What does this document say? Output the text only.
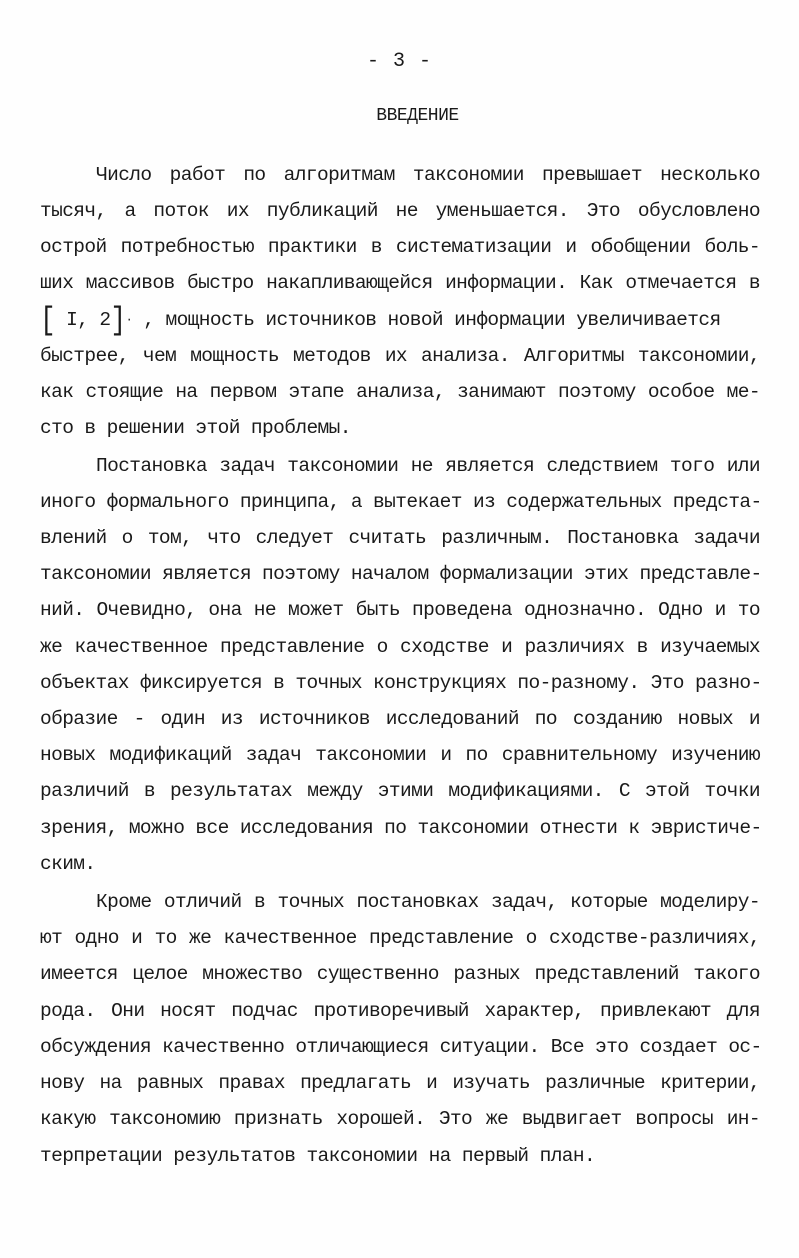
- 3 -
ВВЕДЕНИЕ
Число работ по алгоритмам таксономии превышает несколько
тысяч, а поток их публикаций не уменьшается. Это обусловлено
острой потребностью практики в систематизации и обобщении боль-
ших массивов быстро накапливающейся информации. Как отмечается в
[ I, 2]· , мощность источников новой информации увеличивается
быстрее, чем мощность методов их анализа. Алгоритмы таксономии,
как стоящие на первом этапе анализа, занимают поэтому особое ме-
сто в решении этой проблемы.
Постановка задач таксономии не является следствием того или
иного формального принципа, а вытекает из содержательных предста-
влений о том, что следует считать различным. Постановка задачи
таксономии является поэтому началом формализации этих представле-
ний. Очевидно, она не может быть проведена однозначно. Одно и то
же качественное представление о сходстве и различиях в изучаемых
объектах фиксируется в точных конструкциях по-разному. Это разно-
образие - один из источников исследований по созданию новых и
новых модификаций задач таксономии и по сравнительному изучению
различий в результатах между этими модификациями. С этой точки
зрения, можно все исследования по таксономии отнести к эвристиче-
ским.
Кроме отличий в точных постановках задач, которые моделиру-
ют одно и то же качественное представление о сходстве-различиях,
имеется целое множество существенно разных представлений такого
рода. Они носят подчас противоречивый характер, привлекают для
обсуждения качественно отличающиеся ситуации. Все это создает ос-
нову на равных правах предлагать и изучать различные критерии,
какую таксономию признать хорошей. Это же выдвигает вопросы ин-
терпретации результатов таксономии на первый план.
